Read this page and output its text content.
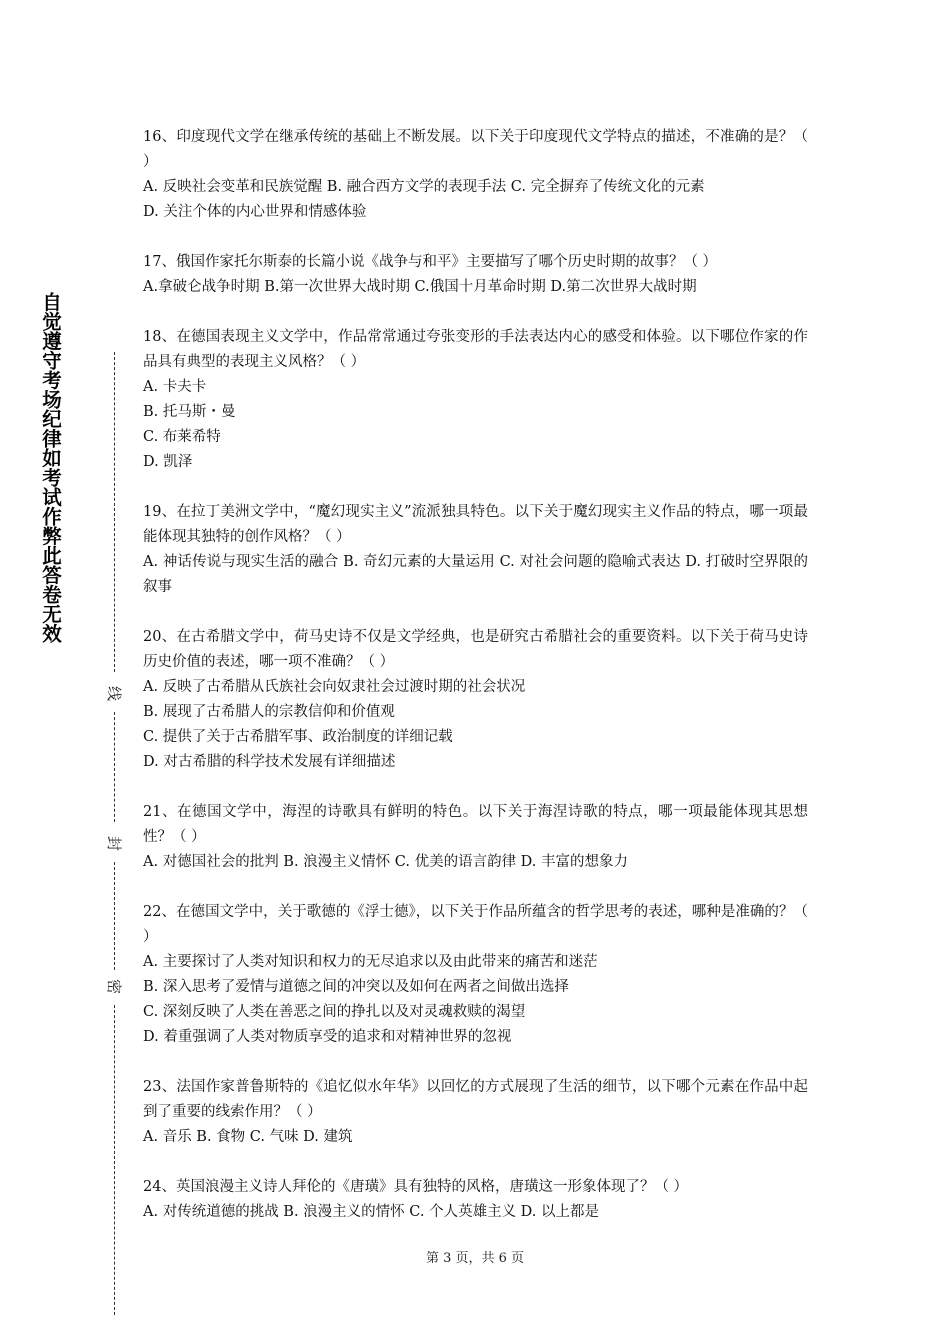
自觉遵守考场纪律如考试作弊此答卷无效
线
封
密

16、印度现代文学在继承传统的基础上不断发展。以下关于印度现代文学特点的描述，不准确的是？（ ）

A. 反映社会变革和民族觉醒 B. 融合西方文学的表现手法 C. 完全摒弃了传统文化的元素

D. 关注个体的内心世界和情感体验

17、俄国作家托尔斯泰的长篇小说《战争与和平》主要描写了哪个历史时期的故事？（ ）

A.拿破仑战争时期 B.第一次世界大战时期 C.俄国十月革命时期 D.第二次世界大战时期

18、在德国表现主义文学中，作品常常通过夸张变形的手法表达内心的感受和体验。以下哪位作家的作品具有典型的表现主义风格？（ ）

A. 卡夫卡

B. 托马斯・曼

C. 布莱希特

D. 凯泽

19、在拉丁美洲文学中，“魔幻现实主义”流派独具特色。以下关于魔幻现实主义作品的特点，哪一项最能体现其独特的创作风格？（ ）

A. 神话传说与现实生活的融合 B. 奇幻元素的大量运用 C. 对社会问题的隐喻式表达 D. 打破时空界限的叙事

20、在古希腊文学中，荷马史诗不仅是文学经典，也是研究古希腊社会的重要资料。以下关于荷马史诗历史价值的表述，哪一项不准确？（ ）

A. 反映了古希腊从氏族社会向奴隶社会过渡时期的社会状况

B. 展现了古希腊人的宗教信仰和价值观

C. 提供了关于古希腊军事、政治制度的详细记载

D. 对古希腊的科学技术发展有详细描述

21、在德国文学中，海涅的诗歌具有鲜明的特色。以下关于海涅诗歌的特点，哪一项最能体现其思想性？（ ）

A. 对德国社会的批判 B. 浪漫主义情怀 C. 优美的语言韵律 D. 丰富的想象力

22、在德国文学中，关于歌德的《浮士德》，以下关于作品所蕴含的哲学思考的表述，哪种是准确的？（ ）

A. 主要探讨了人类对知识和权力的无尽追求以及由此带来的痛苦和迷茫

B. 深入思考了爱情与道德之间的冲突以及如何在两者之间做出选择

C. 深刻反映了人类在善恶之间的挣扎以及对灵魂救赎的渴望

D. 着重强调了人类对物质享受的追求和对精神世界的忽视

23、法国作家普鲁斯特的《追忆似水年华》以回忆的方式展现了生活的细节，以下哪个元素在作品中起到了重要的线索作用？（ ）

A. 音乐 B. 食物 C. 气味 D. 建筑

24、英国浪漫主义诗人拜伦的《唐璜》具有独特的风格，唐璜这一形象体现了？（ ）

A. 对传统道德的挑战 B. 浪漫主义的情怀 C. 个人英雄主义 D. 以上都是

第 3 页，共 6 页
